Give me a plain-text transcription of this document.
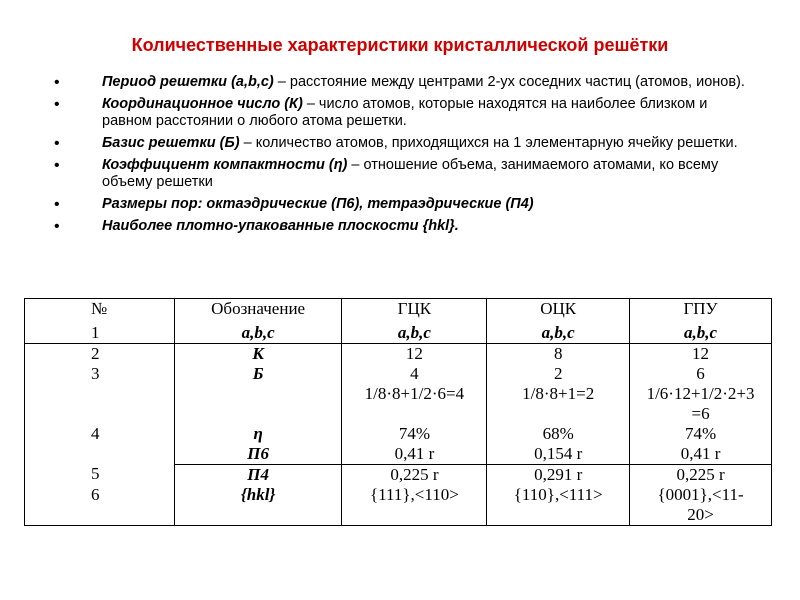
Количественные характеристики кристаллической решётки
•	Период решетки (a,b,c) – расстояние между центрами 2-ух соседних частиц (атомов, ионов).
•	Координационное число (К) – число атомов, которые находятся на наиболее близком и равном расстоянии о любого атома решетки.
•	Базис решетки (Б) – количество атомов, приходящихся на 1 элементарную ячейку решетки.
•	Коэффициент компактности (η) – отношение объема, занимаемого атомами, ко всему объему решетки
•	Размеры пор: октаэдрические (П6), тетраэдрические (П4)
•	Наиболее плотно-упакованные плоскости {hkl}.
№	Обозначение	ГЦК	ОЦК	ГПУ
1	a,b,c	a,b,c	a,b,c	a,b,c
2	К	12	8	12
3	Б	4	2	6
		1/8·8+1/2·6=4	1/8·8+1=2	1/6·12+1/2·2+3
=6

4	η	74%	68%	74%
	П6	0,41 r	0,154 r	0,41 r
5	П4	0,225 r	0,291 r	0,225 r
6	{hkl}	{111},<110>	{110},<111>	{0001},<11-
20>
